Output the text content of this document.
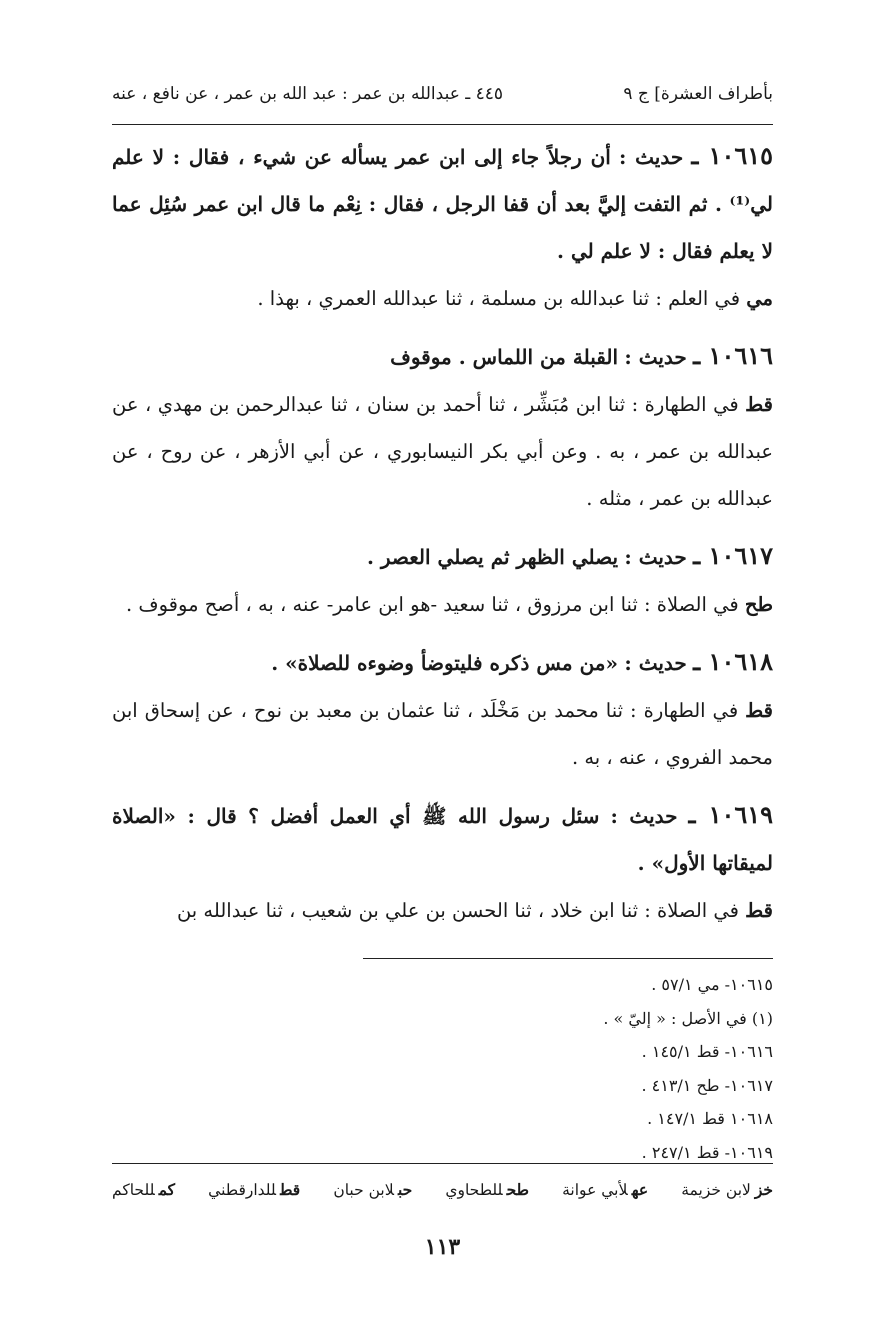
بأطراف العشرة] ج ٩
٤٤٥ ـ عبدالله بن عمر : عبد الله بن عمر ، عن نافع ، عنه

١٠٦١٥ ـ حديث : أن رجلاً جاء إلى ابن عمر يسأله عن شيء ، فقال : لا علم لي⁽¹⁾ . ثم التفت إليَّ بعد أن قفا الرجل ، فقال : نِعْم ما قال ابن عمر سُئِل عما لا يعلم فقال : لا علم لي .

مي في العلم : ثنا عبدالله بن مسلمة ، ثنا عبدالله العمري ، بهذا .

١٠٦١٦ ـ حديث : القبلة من اللماس . موقوف

قط في الطهارة : ثنا ابن مُبَشِّر ، ثنا أحمد بن سنان ، ثنا عبدالرحمن بن مهدي ، عن عبدالله بن عمر ، به . وعن أبي بكر النيسابوري ، عن أبي الأزهر ، عن روح ، عن عبدالله بن عمر ، مثله .

١٠٦١٧ ـ حديث : يصلي الظهر ثم يصلي العصر .

طح في الصلاة : ثنا ابن مرزوق ، ثنا سعيد -هو ابن عامر- عنه ، به ، أصح موقوف .

١٠٦١٨ ـ حديث : «من مس ذكره فليتوضأ وضوءه للصلاة» .

قط في الطهارة : ثنا محمد بن مَخْلَد ، ثنا عثمان بن معبد بن نوح ، عن إسحاق ابن محمد الفروي ، عنه ، به .

١٠٦١٩ ـ حديث : سئل رسول الله ﷺ أي العمل أفضل ؟ قال : «الصلاة لميقاتها الأول» .

قط في الصلاة : ثنا ابن خلاد ، ثنا الحسن بن علي بن شعيب ، ثنا عبدالله بن

١٠٦١٥- مي ٥٧/١ .
(١) في الأصل : « إليّ » .
١٠٦١٦- قط ١٤٥/١ .
١٠٦١٧- طح ٤١٣/١ .
١٠٦١٨ قط ١٤٧/١ .
١٠٦١٩- قط ٢٤٧/١ .
خزلابن خزيمة
عهلأبي عوانة
طحللطحاوي
حبلابن حبان
قطللدارقطني
كمللحاكم
١١٣
